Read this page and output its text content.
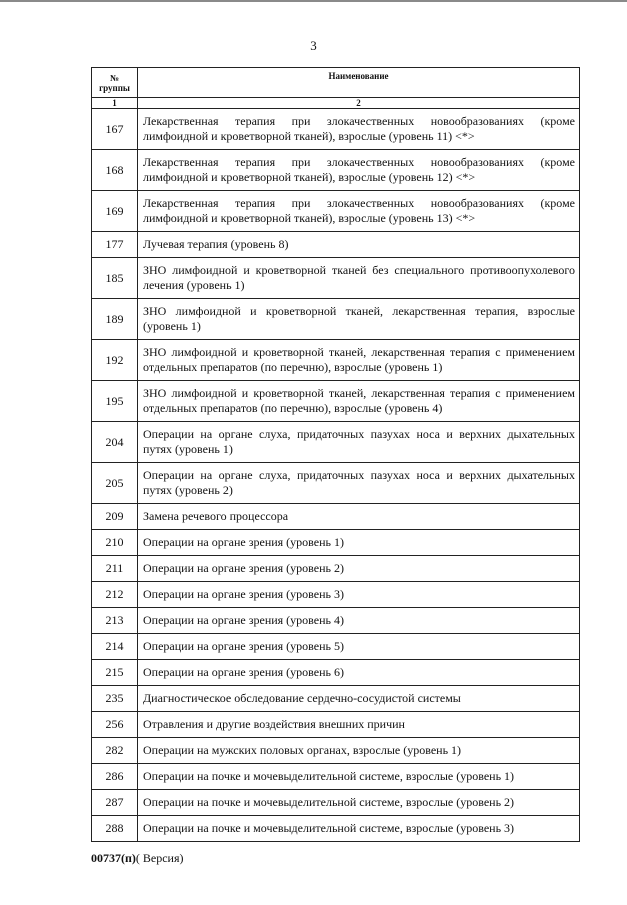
3
№ группы	Наименование
1	2
167	Лекарственная терапия при злокачественных новообразованиях (кроме лимфоидной и кроветворной тканей), взрослые (уровень 11) <*>
168	Лекарственная терапия при злокачественных новообразованиях (кроме лимфоидной и кроветворной тканей), взрослые (уровень 12) <*>
169	Лекарственная терапия при злокачественных новообразованиях (кроме лимфоидной и кроветворной тканей), взрослые (уровень 13) <*>
177	Лучевая терапия (уровень 8)
185	ЗНО лимфоидной и кроветворной тканей без специального противоопухолевого лечения (уровень 1)
189	ЗНО лимфоидной и кроветворной тканей, лекарственная терапия, взрослые (уровень 1)
192	ЗНО лимфоидной и кроветворной тканей, лекарственная терапия с применением отдельных препаратов (по перечню), взрослые (уровень 1)
195	ЗНО лимфоидной и кроветворной тканей, лекарственная терапия с применением отдельных препаратов (по перечню), взрослые (уровень 4)
204	Операции на органе слуха, придаточных пазухах носа и верхних дыхательных путях (уровень 1)
205	Операции на органе слуха, придаточных пазухах носа и верхних дыхательных путях (уровень 2)
209	Замена речевого процессора
210	Операции на органе зрения (уровень 1)
211	Операции на органе зрения (уровень 2)
212	Операции на органе зрения (уровень 3)
213	Операции на органе зрения (уровень 4)
214	Операции на органе зрения (уровень 5)
215	Операции на органе зрения (уровень 6)
235	Диагностическое обследование сердечно-сосудистой системы
256	Отравления и другие воздействия внешних причин
282	Операции на мужских половых органах, взрослые (уровень 1)
286	Операции на почке и мочевыделительной системе, взрослые (уровень 1)
287	Операции на почке и мочевыделительной системе, взрослые (уровень 2)
288	Операции на почке и мочевыделительной системе, взрослые (уровень 3)
00737(п)( Версия)
